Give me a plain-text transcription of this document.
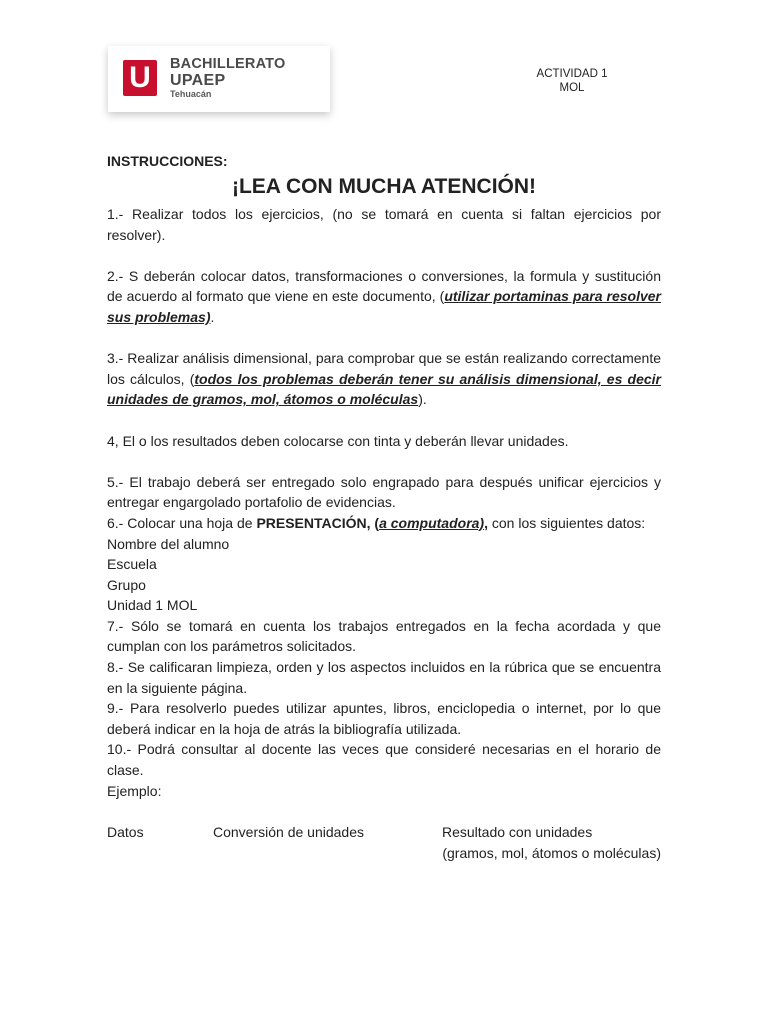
U	BACHILLERATO
UPAEP
Tehuacán
ACTIVIDAD 1
MOL

INSTRUCCIONES:

¡LEA CON MUCHA ATENCIÓN!

1.- Realizar todos los ejercicios, (no se tomará en cuenta si faltan ejercicios por resolver).

2.- S deberán colocar datos, transformaciones o conversiones, la formula y sustitución de acuerdo al formato que viene en este documento, (utilizar portaminas para resolver sus problemas).

3.- Realizar análisis dimensional, para comprobar que se están realizando correctamente los cálculos, (todos los problemas deberán tener su análisis dimensional, es decir unidades de gramos, mol, átomos o moléculas).

4, El o los resultados deben colocarse con tinta y deberán llevar unidades.

5.- El trabajo deberá ser entregado solo engrapado para después unificar ejercicios y entregar engargolado portafolio de evidencias.

6.- Colocar una hoja de PRESENTACIÓN, (a computadora), con los siguientes datos:

Nombre del alumno

Escuela

Grupo

Unidad 1 MOL

7.- Sólo se tomará en cuenta los trabajos entregados en la fecha acordada y que cumplan con los parámetros solicitados.

8.- Se calificaran limpieza, orden y los aspectos incluidos en la rúbrica que se encuentra en la siguiente página.

9.- Para resolverlo puedes utilizar apuntes, libros, enciclopedia o internet, por lo que deberá indicar en la hoja de atrás la bibliografía utilizada.

10.- Podrá consultar al docente las veces que consideré necesarias en el horario de clase.

Ejemplo:

Datos	Conversión de unidades	Resultado con unidades

(gramos, mol, átomos o moléculas)
